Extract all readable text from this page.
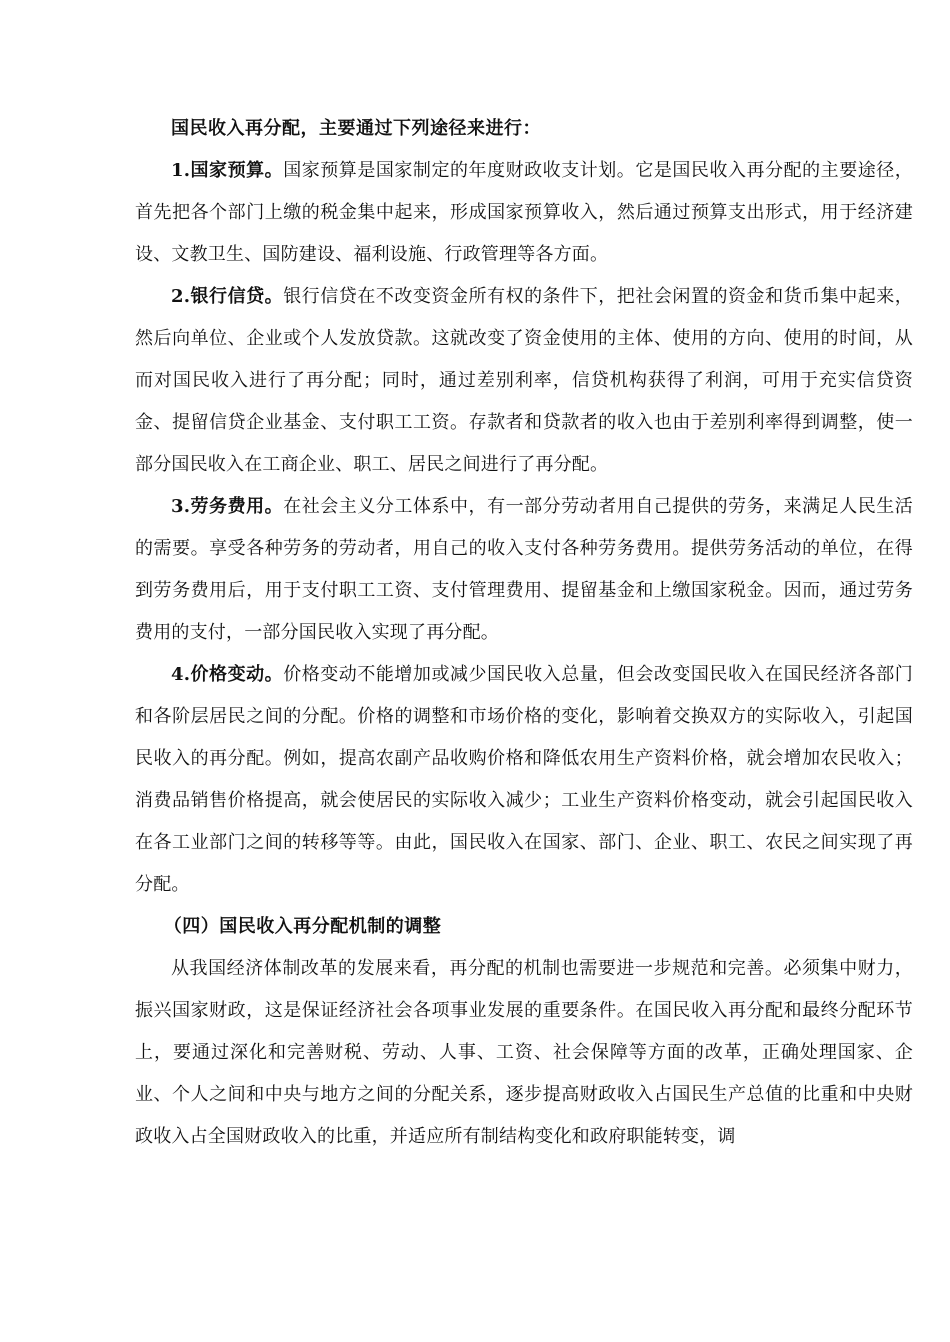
国民收入再分配，主要通过下列途径来进行：

1.国家预算。国家预算是国家制定的年度财政收支计划。它是国民收入再分配的主要途径，首先把各个部门上缴的税金集中起来，形成国家预算收入，然后通过预算支出形式，用于经济建设、文教卫生、国防建设、福利设施、行政管理等各方面。

2.银行信贷。银行信贷在不改变资金所有权的条件下，把社会闲置的资金和货币集中起来，然后向单位、企业或个人发放贷款。这就改变了资金使用的主体、使用的方向、使用的时间，从而对国民收入进行了再分配；同时，通过差别利率，信贷机构获得了利润，可用于充实信贷资金、提留信贷企业基金、支付职工工资。存款者和贷款者的收入也由于差别利率得到调整，使一部分国民收入在工商企业、职工、居民之间进行了再分配。

3.劳务费用。在社会主义分工体系中，有一部分劳动者用自己提供的劳务，来满足人民生活的需要。享受各种劳务的劳动者，用自己的收入支付各种劳务费用。提供劳务活动的单位，在得到劳务费用后，用于支付职工工资、支付管理费用、提留基金和上缴国家税金。因而，通过劳务费用的支付，一部分国民收入实现了再分配。

4.价格变动。价格变动不能增加或减少国民收入总量，但会改变国民收入在国民经济各部门和各阶层居民之间的分配。价格的调整和市场价格的变化，影响着交换双方的实际收入，引起国民收入的再分配。例如，提高农副产品收购价格和降低农用生产资料价格，就会增加农民收入；消费品销售价格提高，就会使居民的实际收入减少；工业生产资料价格变动，就会引起国民收入在各工业部门之间的转移等等。由此，国民收入在国家、部门、企业、职工、农民之间实现了再分配。

（四）国民收入再分配机制的调整

从我国经济体制改革的发展来看，再分配的机制也需要进一步规范和完善。必须集中财力，振兴国家财政，这是保证经济社会各项事业发展的重要条件。在国民收入再分配和最终分配环节上，要通过深化和完善财税、劳动、人事、工资、社会保障等方面的改革，正确处理国家、企业、个人之间和中央与地方之间的分配关系，逐步提高财政收入占国民生产总值的比重和中央财政收入占全国财政收入的比重，并适应所有制结构变化和政府职能转变，调
